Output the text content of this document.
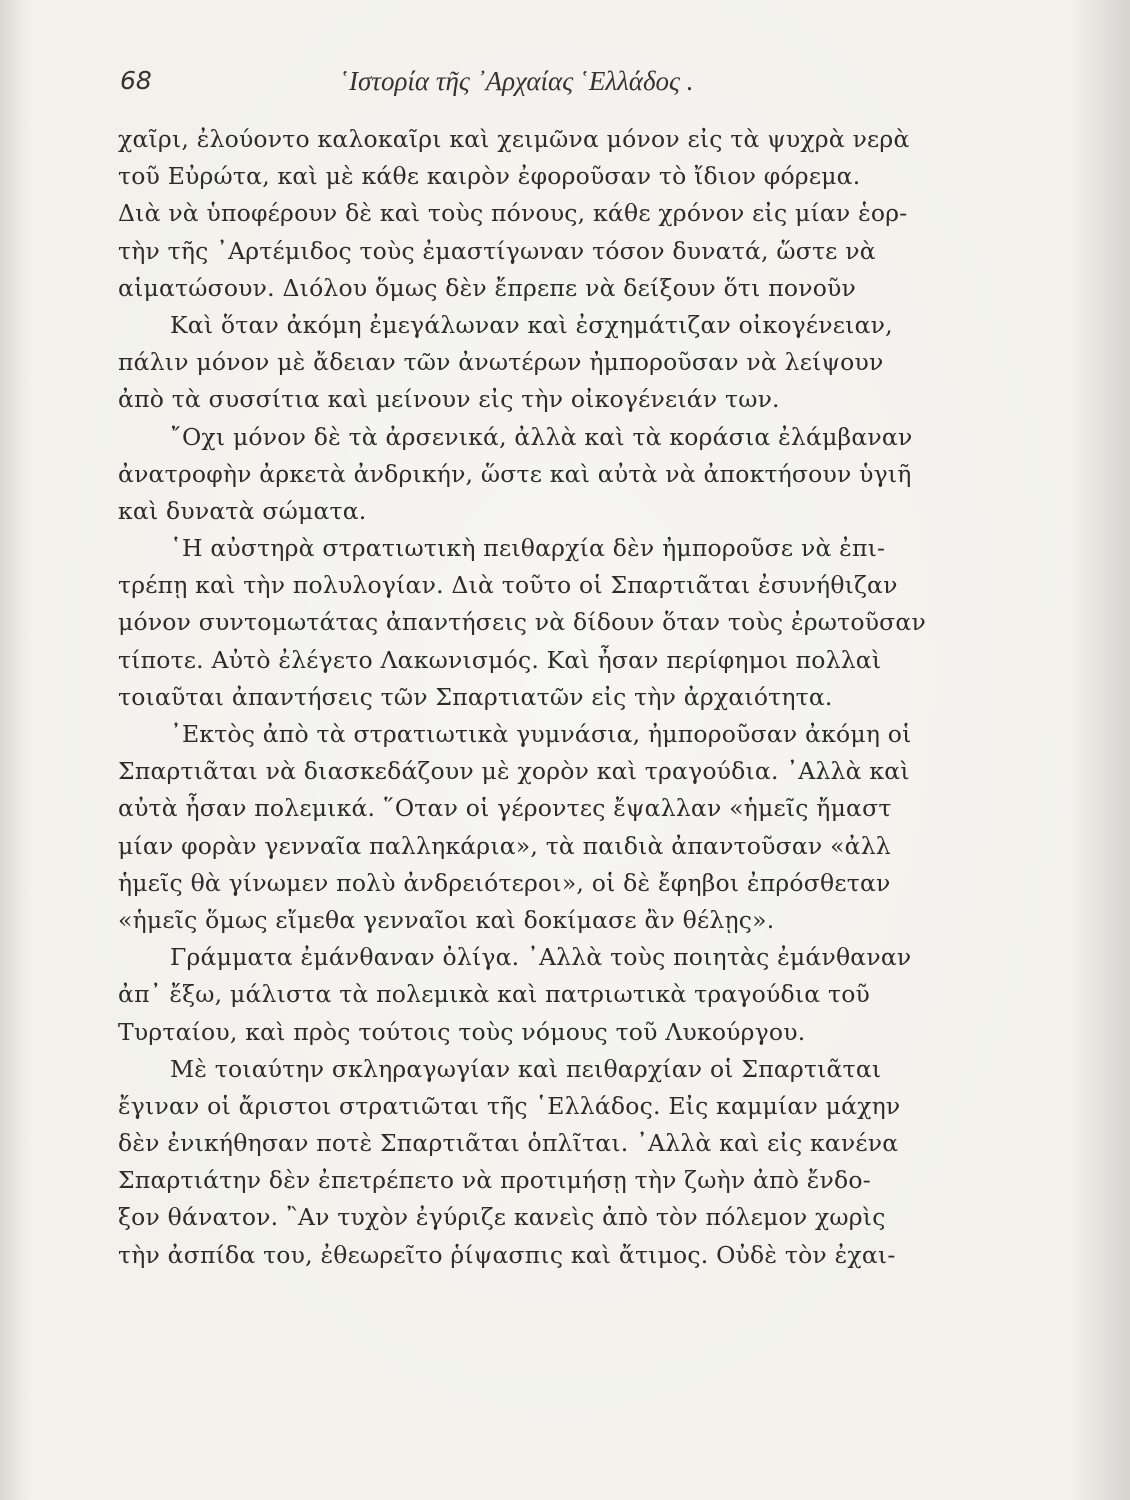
68	῾Ιστορία τῆς ᾿Αρχαίας ῾Ελλάδος .
χαῖρι, ἐλούοντο καλοκαῖρι καὶ χειμῶνα μόνον εἰς τὰ ψυχρὰ νερὰ
τοῦ Εὐρώτα, καὶ μὲ κάθε καιρὸν ἐφοροῦσαν τὸ ἴδιον φόρεμα.
Διὰ νὰ ὑποφέρουν δὲ καὶ τοὺς πόνους, κάθε χρόνον εἰς μίαν ἑορ-
τὴν τῆς ᾿Αρτέμιδος τοὺς ἐμαστίγωναν τόσον δυνατά, ὥστε νὰ
αἱματώσουν. Διόλου ὅμως δὲν ἔπρεπε νὰ δείξουν ὅτι πονοῦν
Καὶ ὅταν ἀκόμη ἐμεγάλωναν καὶ ἐσχημάτιζαν οἰκογένειαν,
πάλιν μόνον μὲ ἄδειαν τῶν ἀνωτέρων ἠμποροῦσαν νὰ λείψουν
ἀπὸ τὰ συσσίτια καὶ μείνουν εἰς τὴν οἰκογένειάν των.
῎Οχι μόνον δὲ τὰ ἀρσενικά, ἀλλὰ καὶ τὰ κοράσια ἐλάμβαναν
ἀνατροφὴν ἀρκετὰ ἀνδρικήν, ὥστε καὶ αὐτὰ νὰ ἀποκτήσουν ὑγιῆ
καὶ δυνατὰ σώματα.
῾Η αὐστηρὰ στρατιωτικὴ πειθαρχία δὲν ἠμποροῦσε νὰ ἐπι-
τρέπῃ καὶ τὴν πολυλογίαν. Διὰ τοῦτο οἱ Σπαρτιᾶται ἐσυνήθιζαν
μόνον συντομωτάτας ἀπαντήσεις νὰ δίδουν ὅταν τοὺς ἐρωτοῦσαν
τίποτε. Αὐτὸ ἐλέγετο Λακωνισμός. Καὶ ἦσαν περίφημοι πολλαὶ
τοιαῦται ἀπαντήσεις τῶν Σπαρτιατῶν εἰς τὴν ἀρχαιότητα.
᾿Εκτὸς ἀπὸ τὰ στρατιωτικὰ γυμνάσια, ἠμποροῦσαν ἀκόμη οἱ
Σπαρτιᾶται νὰ διασκεδάζουν μὲ χορὸν καὶ τραγούδια. ᾿Αλλὰ καὶ
αὐτὰ ἦσαν πολεμικά. ῞Οταν οἱ γέροντες ἔψαλλαν «ἡμεῖς ἤμαστ
μίαν φορὰν γενναῖα παλληκάρια», τὰ παιδιὰ ἀπαντοῦσαν «ἀλλ
ἡμεῖς θὰ γίνωμεν πολὺ ἀνδρειότεροι», οἱ δὲ ἔφηβοι ἐπρόσθεταν
«ἡμεῖς ὅμως εἴμεθα γενναῖοι καὶ δοκίμασε ἂν θέλῃς».
Γράμματα ἐμάνθαναν ὀλίγα. ᾿Αλλὰ τοὺς ποιητὰς ἐμάνθαναν
ἀπ᾿ ἔξω, μάλιστα τὰ πολεμικὰ καὶ πατριωτικὰ τραγούδια τοῦ
Τυρταίου, καὶ πρὸς τούτοις τοὺς νόμους τοῦ Λυκούργου.
Μὲ τοιαύτην σκληραγωγίαν καὶ πειθαρχίαν οἱ Σπαρτιᾶται
ἔγιναν οἱ ἄριστοι στρατιῶται τῆς ῾Ελλάδος. Εἰς καμμίαν μάχην
δὲν ἐνικήθησαν ποτὲ Σπαρτιᾶται ὁπλῖται. ᾿Αλλὰ καὶ εἰς κανένα
Σπαρτιάτην δὲν ἐπετρέπετο νὰ προτιμήσῃ τὴν ζωὴν ἀπὸ ἔνδο-
ξον θάνατον. ῍Αν τυχὸν ἐγύριζε κανεὶς ἀπὸ τὸν πόλεμον χωρὶς
τὴν ἀσπίδα του, ἐθεωρεῖτο ῥίψασπις καὶ ἄτιμος. Οὐδὲ τὸν ἐχαι-
